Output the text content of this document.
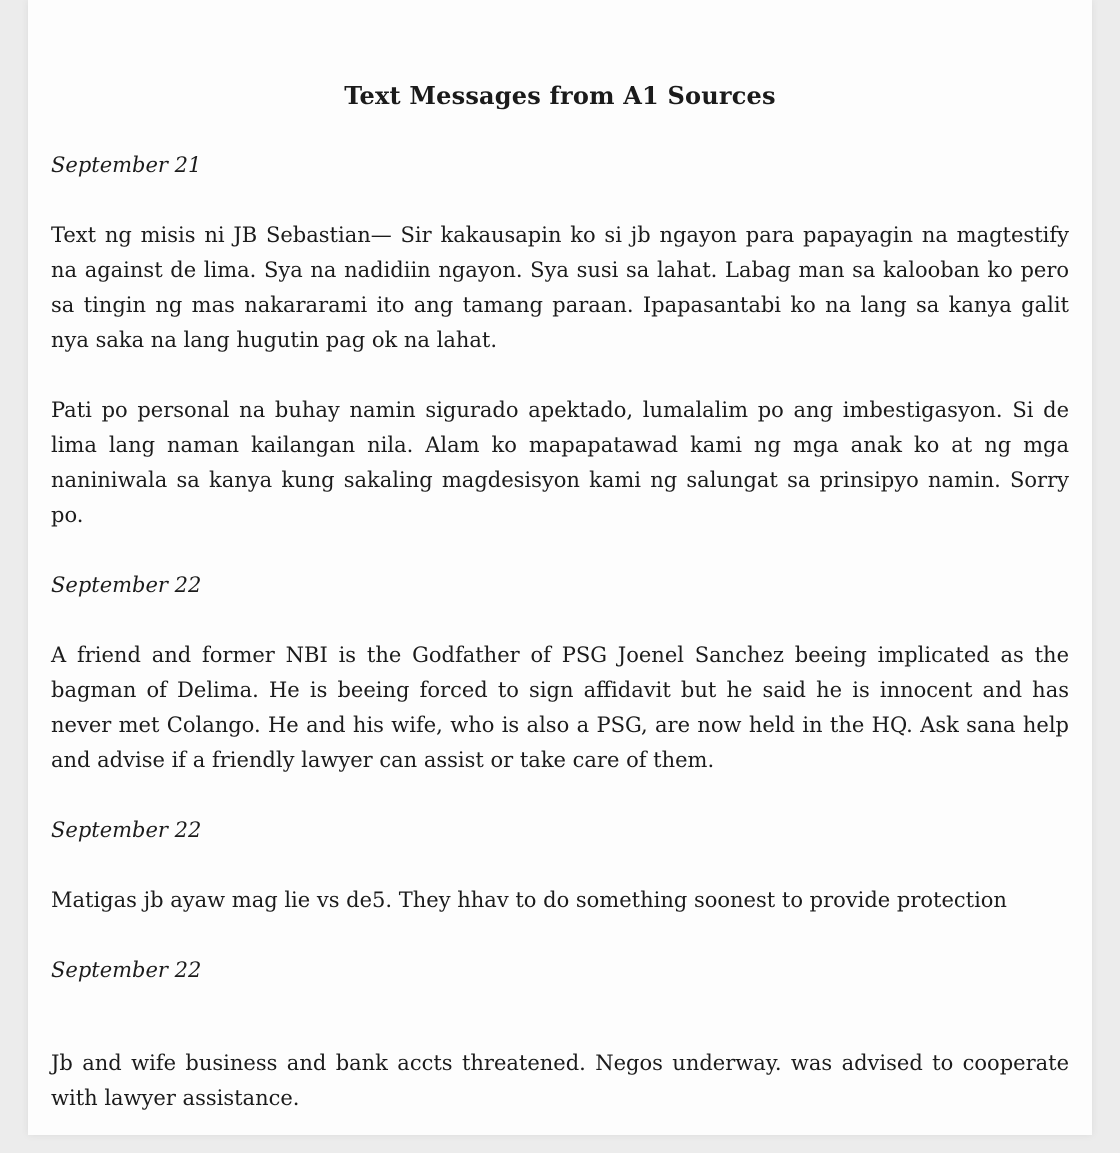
Text Messages from A1 Sources

September 21

Text ng misis ni JB Sebastian— Sir kakausapin ko si jb ngayon para papayagin na magtestify na against de lima. Sya na nadidiin ngayon. Sya susi sa lahat. Labag man sa kalooban ko pero sa tingin ng mas nakararami ito ang tamang paraan. Ipapasantabi ko na lang sa kanya galit nya saka na lang hugutin pag ok na lahat.

Pati po personal na buhay namin sigurado apektado, lumalalim po ang imbestigasyon. Si de lima lang naman kailangan nila. Alam ko mapapatawad kami ng mga anak ko at ng mga naniniwala sa kanya kung sakaling magdesisyon kami ng salungat sa prinsipyo namin. Sorry po.

September 22

A friend and former NBI is the Godfather of PSG Joenel Sanchez beeing implicated as the bagman of Delima. He is beeing forced to sign affidavit but he said he is innocent and has never met Colango. He and his wife, who is also a PSG, are now held in the HQ. Ask sana help and advise if a friendly lawyer can assist or take care of them.

September 22

Matigas jb ayaw mag lie vs de5. They hhav to do something soonest to provide protection

September 22

Jb and wife business and bank accts threatened. Negos underway. was advised to cooperate with lawyer assistance.
